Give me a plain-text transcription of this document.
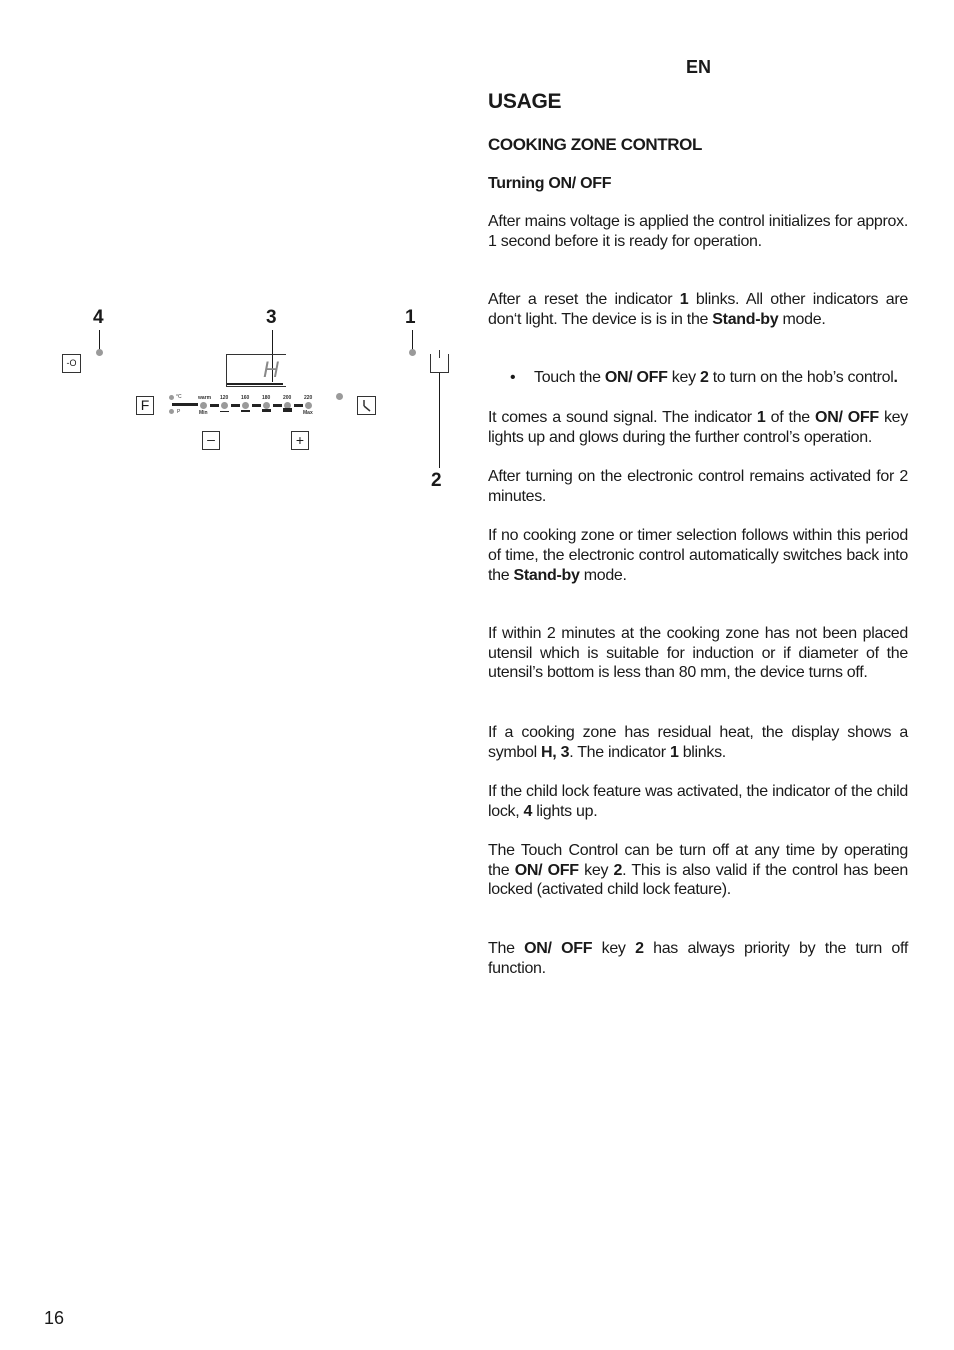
EN
4	3	1
2
-O	H
F	°C
P
warm 120	160	180	200	220
Min	Max
–	+
USAGE
COOKING ZONE CONTROL
Turning ON/ OFF

After mains voltage is applied the control initializes for approx. 1 second before it is ready for operation.

After a reset the indicator 1 blinks. All other indicators are don‘t light. The device is is in the Stand-by mode.

• Touch the ON/ OFF key 2 to turn on the hob’s control.

It comes a sound signal. The indicator 1 of the ON/ OFF key lights up and glows during the further control’s operation.

After turning on the electronic control remains activated for 2 minutes.

If no cooking zone or timer selection follows within this period of time, the electronic control automatically switches back into the Stand-by mode.

If within 2 minutes at the cooking zone has not been placed utensil which is suitable for induction or if diameter of the utensil’s bottom is less than 80 mm, the device turns off.

If a cooking zone has residual heat, the display shows a symbol H, 3. The indicator 1 blinks.

If the child lock feature was activated, the indicator of the child lock, 4 lights up.

The Touch Control can be turn off at any time by operating the ON/ OFF key 2. This is also valid if the control has been locked (activated child lock feature).

The ON/ OFF key 2 has always priority by the turn off function.

16
